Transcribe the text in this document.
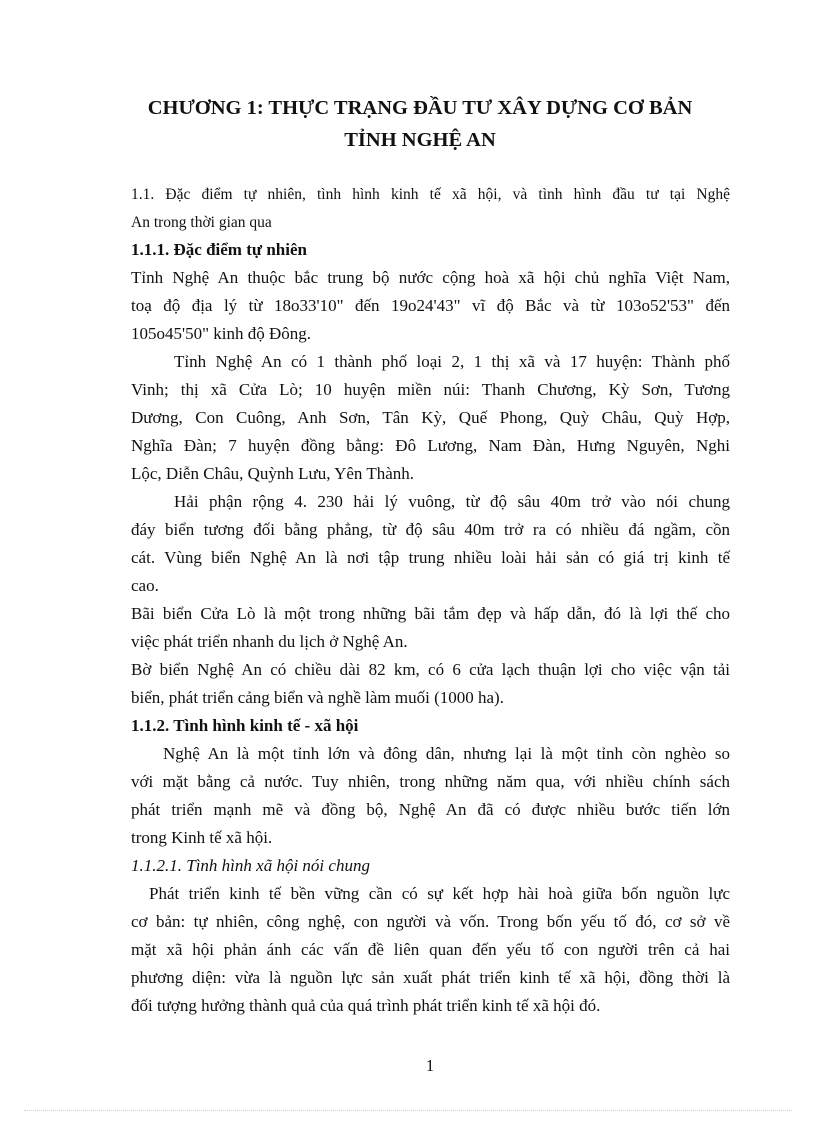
CHƯƠNG 1: THỰC TRẠNG ĐẦU TƯ XÂY DỰNG CƠ BẢN
TỈNH NGHỆ AN
1.1. Đặc điểm tự nhiên, tình hình kinh tế xã hội, và tình hình đầu tư tại Nghệ
An trong thời gian qua
1.1.1. Đặc điểm tự nhiên
Tỉnh Nghệ An thuộc bắc trung bộ nước cộng hoà xã hội chủ nghĩa Việt Nam,
toạ độ địa lý từ 18o33'10" đến 19o24'43" vĩ độ Bắc và từ 103o52'53" đến
105o45'50" kinh độ Đông.
Tỉnh Nghệ An có 1 thành phố loại 2, 1 thị xã và 17 huyện: Thành phố
Vinh; thị xã Cửa Lò; 10 huyện miền núi: Thanh Chương, Kỳ Sơn, Tương
Dương, Con Cuông, Anh Sơn, Tân Kỳ, Quế Phong, Quỳ Châu, Quỳ Hợp,
Nghĩa Đàn; 7 huyện đồng bằng: Đô Lương, Nam Đàn, Hưng Nguyên, Nghi
Lộc, Diễn Châu, Quỳnh Lưu, Yên Thành.
Hải phận rộng 4. 230 hải lý vuông, từ độ sâu 40m trở vào nói chung
đáy biển tương đối bằng phẳng, từ độ sâu 40m trở ra có nhiều đá ngầm, cồn
cát. Vùng biển Nghệ An là nơi tập trung nhiều loài hải sản có giá trị kinh tế
cao.
Bãi biển Cửa Lò là một trong những bãi tắm đẹp và hấp dẫn, đó là lợi thế cho
việc phát triển nhanh du lịch ở Nghệ An.
Bờ biển Nghệ An có chiều dài 82 km, có 6 cửa lạch thuận lợi cho việc vận tải
biển, phát triển cảng biển và nghề làm muối (1000 ha).
1.1.2. Tình hình kinh tế - xã hội
Nghệ An là một tỉnh lớn và đông dân, nhưng lại là một tỉnh còn nghèo so
với mặt bằng cả nước. Tuy nhiên, trong những năm qua, với nhiều chính sách
phát triển mạnh mẽ và đồng bộ, Nghệ An đã có được nhiều bước tiến lớn
trong Kinh tế xã hội.
1.1.2.1. Tình hình xã hội nói chung
Phát triển kinh tế bền vững cần có sự kết hợp hài hoà giữa bốn nguồn lực
cơ bản: tự nhiên, công nghệ, con người và vốn. Trong bốn yếu tố đó, cơ sở về
mặt xã hội phản ánh các vấn đề liên quan đến yếu tố con người trên cả hai
phương diện: vừa là nguồn lực sản xuất phát triển kinh tế xã hội, đồng thời là
đối tượng hưởng thành quả của quá trình phát triển kinh tế xã hội đó.
1
